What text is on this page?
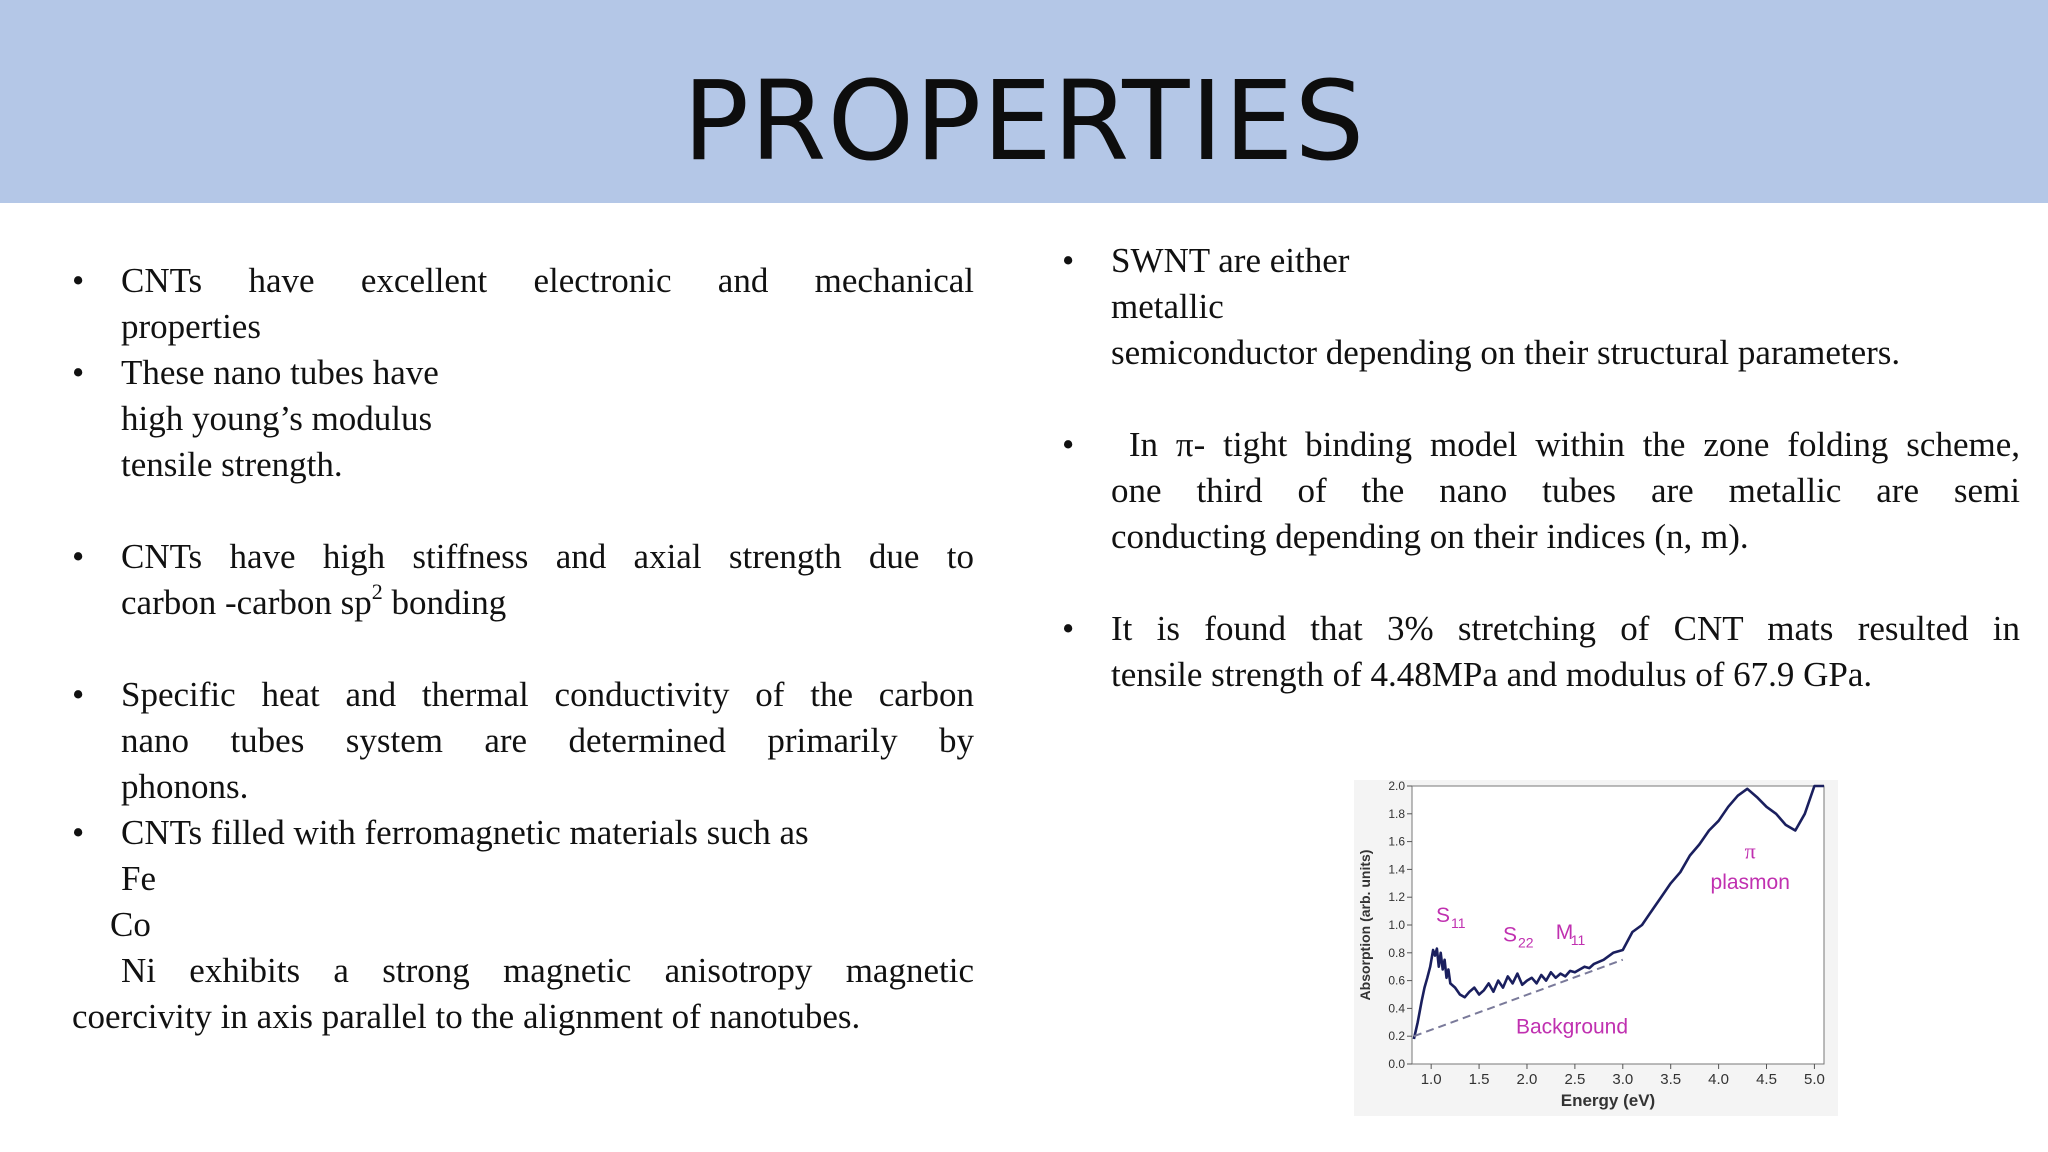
PROPERTIES
• CNTs have excellent electronic and mechanical
properties
• These nano tubes have
high young’s modulus
tensile strength.
• CNTs have high stiffness and axial strength due to
carbon -carbon $sp^2$ bonding
• Specific heat and thermal conductivity of the carbon
nano tubes system are determined primarily by
phonons.
• CNTs filled with ferromagnetic materials such as
Fe
Co
Ni exhibits a strong magnetic anisotropy magnetic
coercivity in axis parallel to the alignment of nanotubes.
• SWNT are either
metallic
semiconductor depending on their structural parameters.
• In π- tight binding model within the zone folding scheme,
one third of the nano tubes are metallic are semi
conducting depending on their indices (n, m).
• It is found that 3% stretching of CNT mats resulted in
tensile strength of 4.48MPa and modulus of 67.9 GPa.
0.0
0.2
0.4
0.6
0.8
1.0
1.2
1.4
1.6
1.8
2.0
1.0 1.5 2.0 2.5 3.0 3.5 4.0 4.5 5.0
Energy (eV)
Absorption (arb. units)	S 11
S 22 M
11
π
plasmon
Background
